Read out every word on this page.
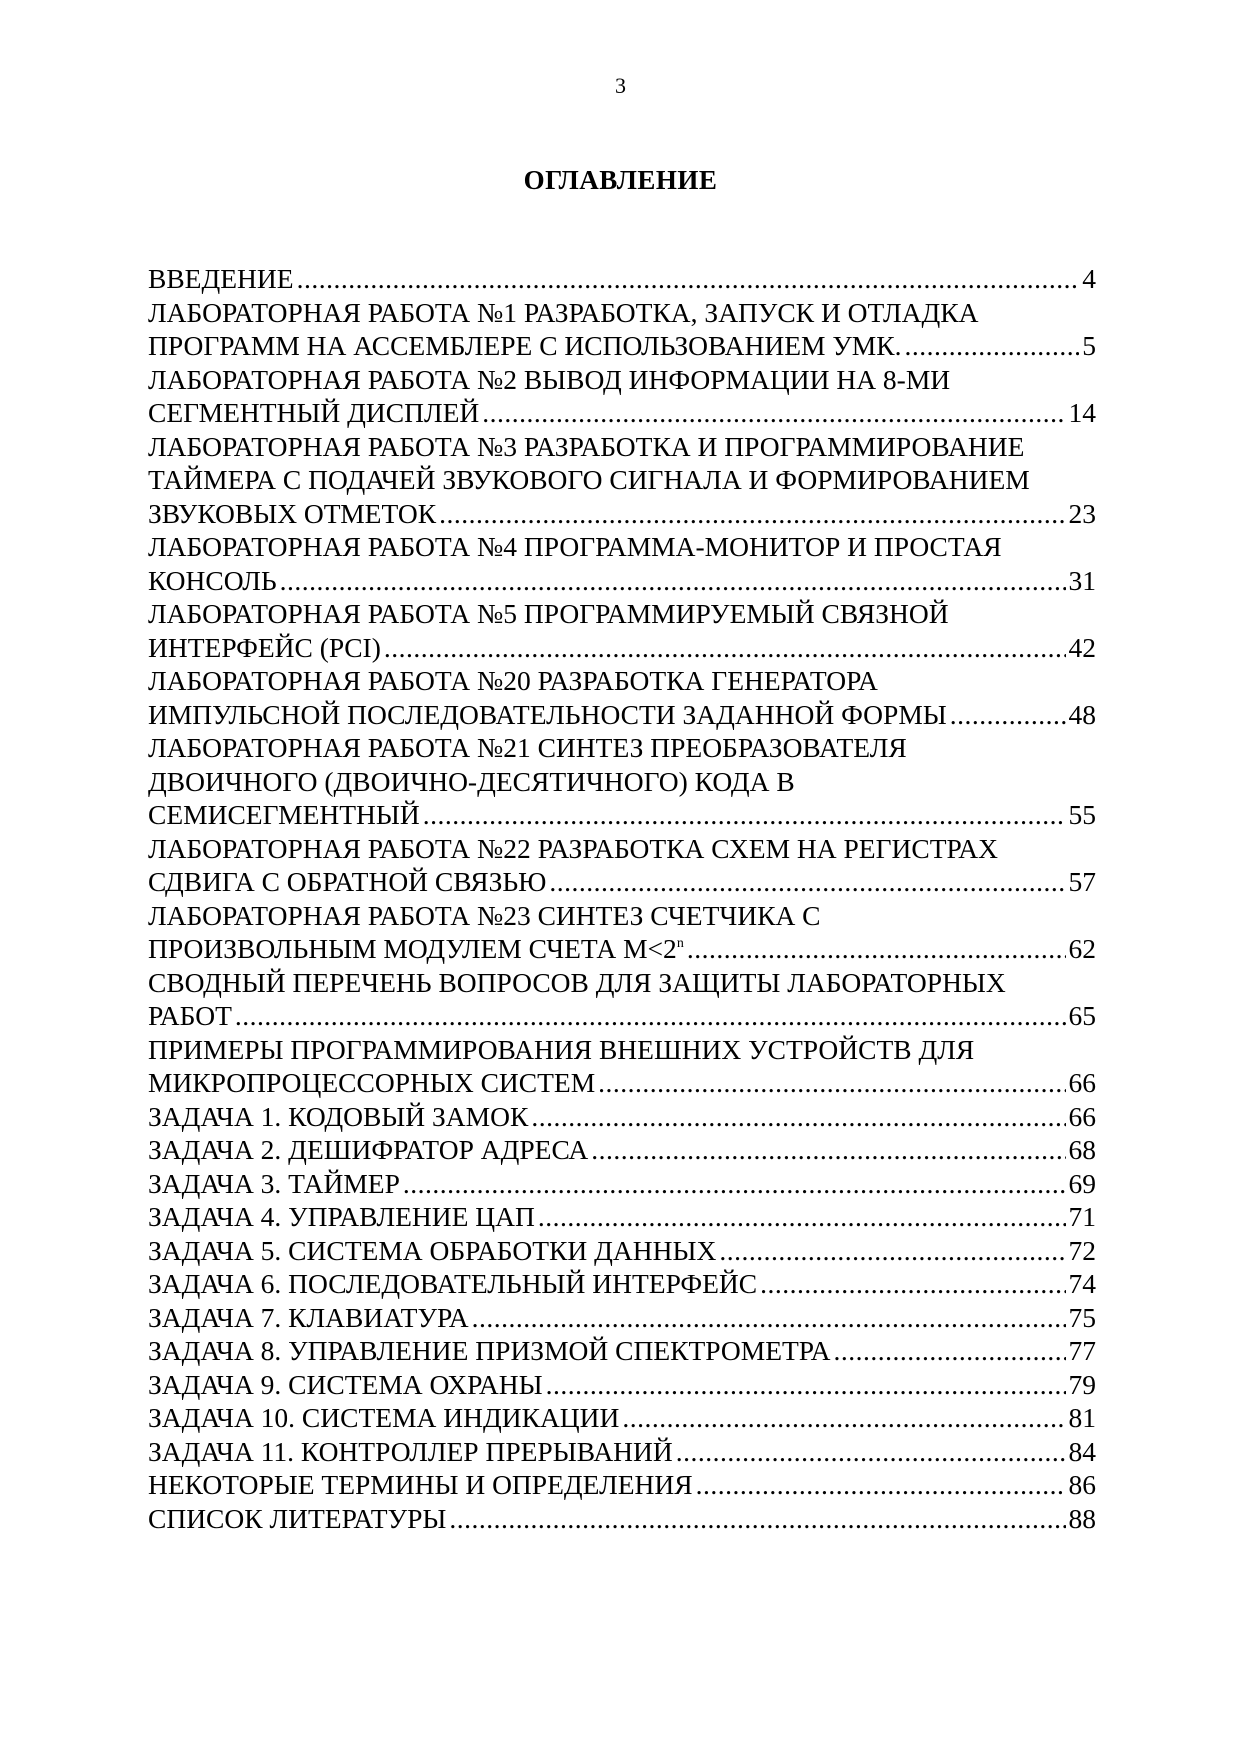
3
ОГЛАВЛЕНИЕ
ВВЕДЕНИЕ .....	4
ЛАБОРАТОРНАЯ РАБОТА №1 РАЗРАБОТКА, ЗАПУСК И ОТЛАДКА
ПРОГРАММ НА АССЕМБЛЕРЕ С ИСПОЛЬЗОВАНИЕМ УМК. .....	5
ЛАБОРАТОРНАЯ РАБОТА №2 ВЫВОД ИНФОРМАЦИИ НА 8-МИ
СЕГМЕНТНЫЙ ДИСПЛЕЙ .....	14
ЛАБОРАТОРНАЯ РАБОТА №3 РАЗРАБОТКА И ПРОГРАММИРОВАНИЕ
ТАЙМЕРА С ПОДАЧЕЙ ЗВУКОВОГО СИГНАЛА И ФОРМИРОВАНИЕМ
ЗВУКОВЫХ ОТМЕТОК .....	23
ЛАБОРАТОРНАЯ РАБОТА №4 ПРОГРАММА-МОНИТОР И ПРОСТАЯ
КОНСОЛЬ .....	31
ЛАБОРАТОРНАЯ РАБОТА №5 ПРОГРАММИРУЕМЫЙ СВЯЗНОЙ
ИНТЕРФЕЙС (PCI) .....	42
ЛАБОРАТОРНАЯ РАБОТА №20 РАЗРАБОТКА ГЕНЕРАТОРА
ИМПУЛЬСНОЙ ПОСЛЕДОВАТЕЛЬНОСТИ ЗАДАННОЙ ФОРМЫ .....	48
ЛАБОРАТОРНАЯ РАБОТА №21 СИНТЕЗ ПРЕОБРАЗОВАТЕЛЯ
ДВОИЧНОГО (ДВОИЧНО-ДЕСЯТИЧНОГО) КОДА В
СЕМИСЕГМЕНТНЫЙ .....	55
ЛАБОРАТОРНАЯ РАБОТА №22 РАЗРАБОТКА СХЕМ НА РЕГИСТРАХ
СДВИГА С ОБРАТНОЙ СВЯЗЬЮ .....	57
ЛАБОРАТОРНАЯ РАБОТА №23 СИНТЕЗ СЧЕТЧИКА С
ПРОИЗВОЛЬНЫМ МОДУЛЕМ СЧЕТА $M<2^n$ .....	62
СВОДНЫЙ ПЕРЕЧЕНЬ ВОПРОСОВ ДЛЯ ЗАЩИТЫ ЛАБОРАТОРНЫХ
РАБОТ .....	65
ПРИМЕРЫ ПРОГРАММИРОВАНИЯ ВНЕШНИХ УСТРОЙСТВ ДЛЯ
МИКРОПРОЦЕССОРНЫХ СИСТЕМ .....	66
ЗАДАЧА 1. КОДОВЫЙ ЗАМОК .....	66
ЗАДАЧА 2. ДЕШИФРАТОР АДРЕСА .....	68
ЗАДАЧА 3. ТАЙМЕР .....	69
ЗАДАЧА 4. УПРАВЛЕНИЕ ЦАП .....	71
ЗАДАЧА 5. СИСТЕМА ОБРАБОТКИ ДАННЫХ .....	72
ЗАДАЧА 6. ПОСЛЕДОВАТЕЛЬНЫЙ ИНТЕРФЕЙС .....	74
ЗАДАЧА 7. КЛАВИАТУРА .....	75
ЗАДАЧА 8. УПРАВЛЕНИЕ ПРИЗМОЙ СПЕКТРОМЕТРА .....	77
ЗАДАЧА 9. СИСТЕМА ОХРАНЫ .....	79
ЗАДАЧА 10. СИСТЕМА ИНДИКАЦИИ .....	81
ЗАДАЧА 11. КОНТРОЛЛЕР ПРЕРЫВАНИЙ .....	84
НЕКОТОРЫЕ ТЕРМИНЫ И ОПРЕДЕЛЕНИЯ .....	86
СПИСОК ЛИТЕРАТУРЫ .....	88
